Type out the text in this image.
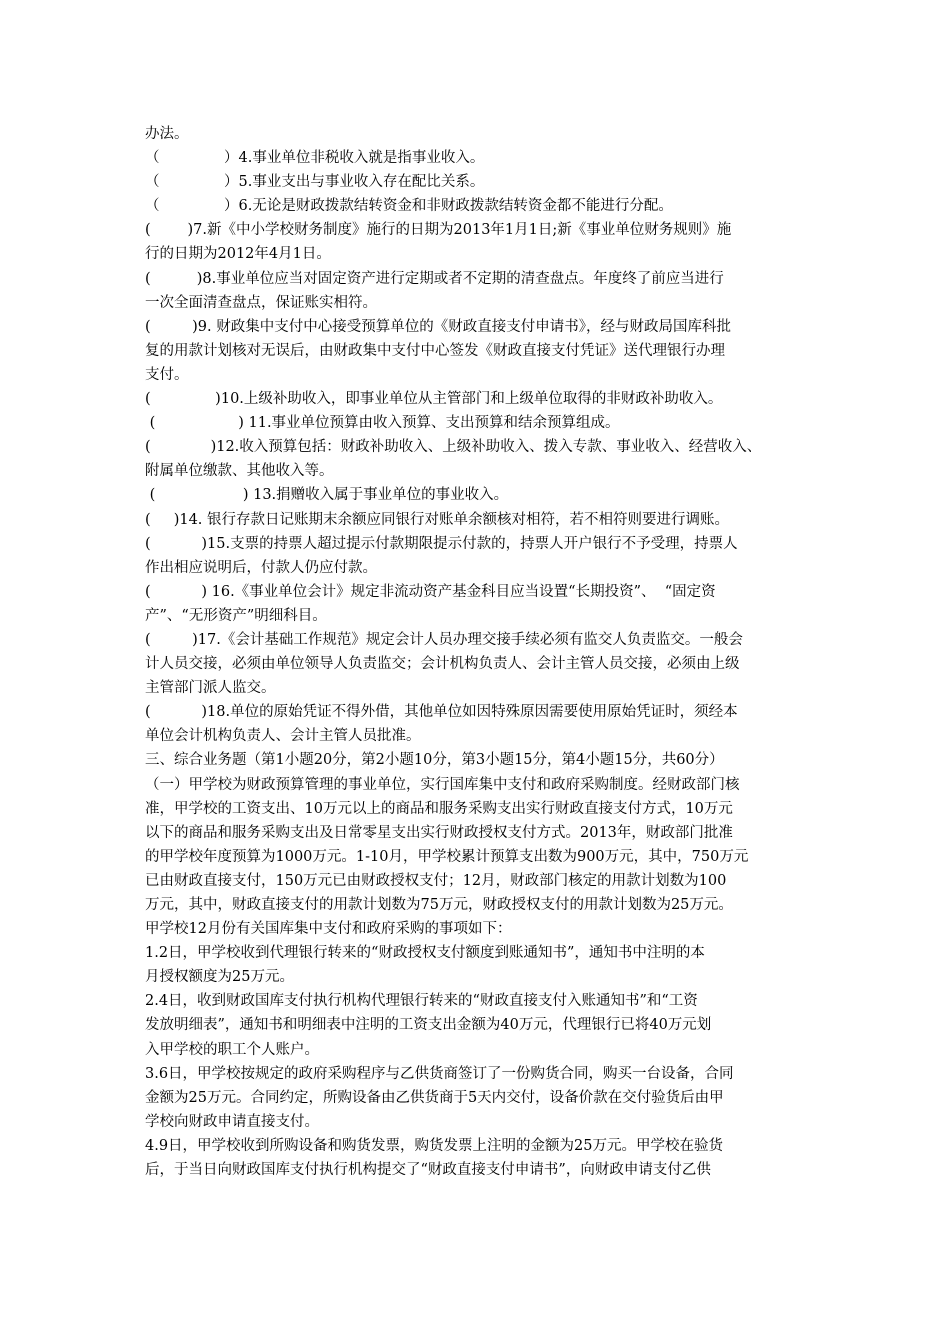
办法。
（              ）4.事业单位非税收入就是指事业收入。
（              ）5.事业支出与事业收入存在配比关系。
（              ）6.无论是财政拨款结转资金和非财政拨款结转资金都不能进行分配。
(        )7.新《中小学校财务制度》施行的日期为2013年1月1日;新《事业单位财务规则》施
行的日期为2012年4月1日。
(          )8.事业单位应当对固定资产进行定期或者不定期的清查盘点。年度终了前应当进行
一次全面清查盘点，保证账实相符。
(         )9. 财政集中支付中心接受预算单位的《财政直接支付申请书》，经与财政局国库科批
复的用款计划核对无误后，由财政集中支付中心签发《财政直接支付凭证》送代理银行办理
支付。
(              )10.上级补助收入，即事业单位从主管部门和上级单位取得的非财政补助收入。
(                  ) 11.事业单位预算由收入预算、支出预算和结余预算组成。
(             )12.收入预算包括：财政补助收入、上级补助收入、拨入专款、事业收入、经营收入、
附属单位缴款、其他收入等。
(                   ) 13.捐赠收入属于事业单位的事业收入。
(     )14. 银行存款日记账期末余额应同银行对账单余额核对相符，若不相符则要进行调账。
(           )15.支票的持票人超过提示付款期限提示付款的，持票人开户银行不予受理，持票人
作出相应说明后，付款人仍应付款。
(           ) 16.《事业单位会计》规定非流动资产基金科目应当设置“长期投资”、  “固定资
产”、“无形资产”明细科目。
(         )17.《会计基础工作规范》规定会计人员办理交接手续必须有监交人负责监交。一般会
计人员交接，必须由单位领导人负责监交；会计机构负责人、会计主管人员交接，必须由上级
主管部门派人监交。
(           )18.单位的原始凭证不得外借，其他单位如因特殊原因需要使用原始凭证时，须经本
单位会计机构负责人、会计主管人员批准。
三、综合业务题（第1小题20分，第2小题10分，第3小题15分，第4小题15分，共60分）
（一）甲学校为财政预算管理的事业单位，实行国库集中支付和政府采购制度。经财政部门核
准，甲学校的工资支出、10万元以上的商品和服务采购支出实行财政直接支付方式，10万元
以下的商品和服务采购支出及日常零星支出实行财政授权支付方式。2013年，财政部门批准
的甲学校年度预算为1000万元。1-10月，甲学校累计预算支出数为900万元，其中，750万元
已由财政直接支付，150万元已由财政授权支付；12月，财政部门核定的用款计划数为100
万元，其中，财政直接支付的用款计划数为75万元，财政授权支付的用款计划数为25万元。
甲学校12月份有关国库集中支付和政府采购的事项如下：
1.2日，甲学校收到代理银行转来的“财政授权支付额度到账通知书”，通知书中注明的本
月授权额度为25万元。
2.4日，收到财政国库支付执行机构代理银行转来的“财政直接支付入账通知书”和“工资
发放明细表”，通知书和明细表中注明的工资支出金额为40万元，代理银行已将40万元划
入甲学校的职工个人账户。
3.6日，甲学校按规定的政府采购程序与乙供货商签订了一份购货合同，购买一台设备，合同
金额为25万元。合同约定，所购设备由乙供货商于5天内交付，设备价款在交付验货后由甲
学校向财政申请直接支付。
4.9日，甲学校收到所购设备和购货发票，购货发票上注明的金额为25万元。甲学校在验货
后，于当日向财政国库支付执行机构提交了“财政直接支付申请书”，向财政申请支付乙供
